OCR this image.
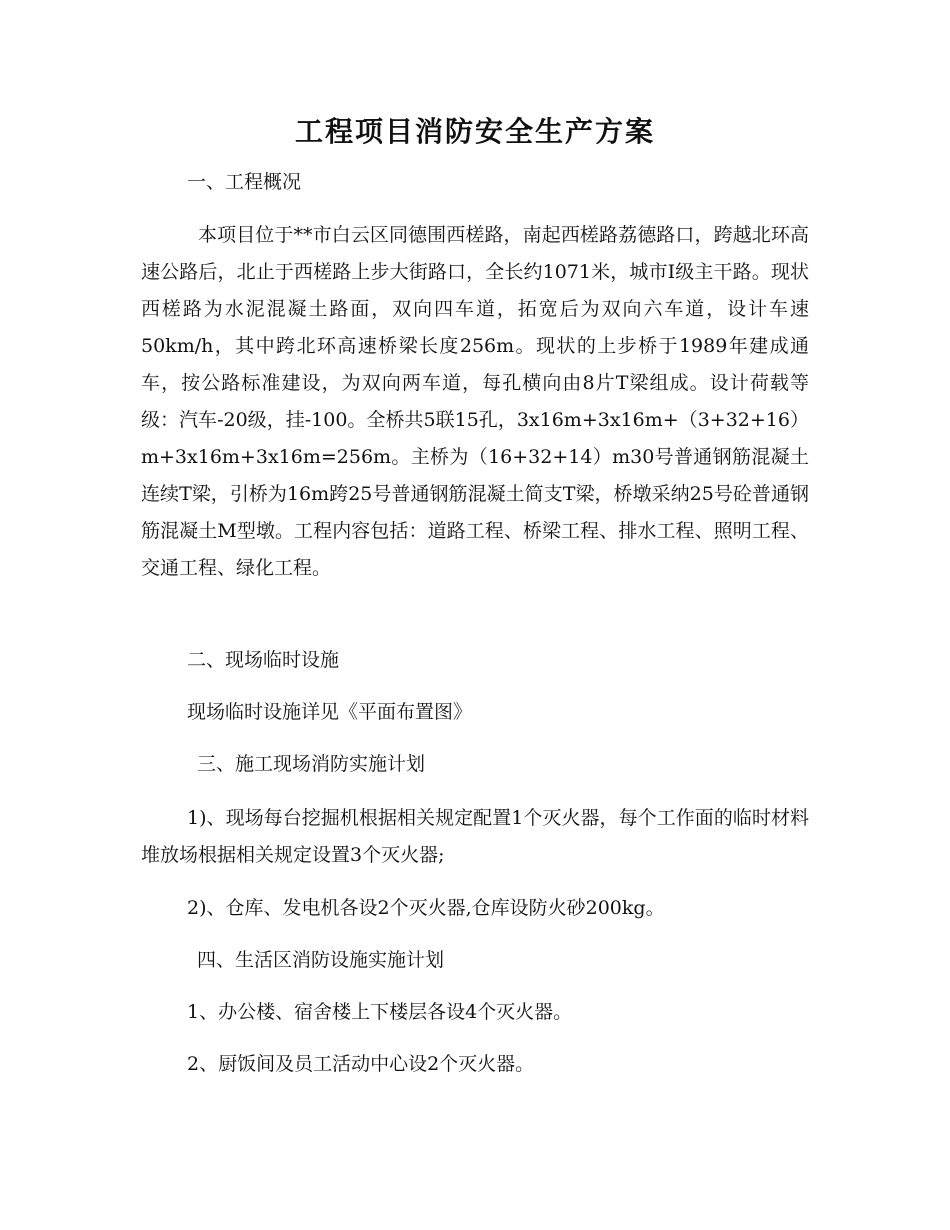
工程项目消防安全生产方案
一、工程概况
本项目位于**市白云区同德围西槎路，南起西槎路荔德路口，跨越北环高速公路后，北止于西槎路上步大街路口，全长约1071米，城市Ⅰ级主干路。现状西槎路为水泥混凝土路面，双向四车道，拓宽后为双向六车道，设计车速50km/h，其中跨北环高速桥梁长度256m。现状的上步桥于1989年建成通车，按公路标准建设，为双向两车道，每孔横向由8片T梁组成。设计荷载等级：汽车-20级，挂-100。全桥共5联15孔，3x16m+3x16m+（3+32+16）m+3x16m+3x16m=256m。主桥为（16+32+14）m30号普通钢筋混凝土连续T梁，引桥为16m跨25号普通钢筋混凝土简支T梁，桥墩采纳25号砼普通钢筋混凝土M型墩。工程内容包括：道路工程、桥梁工程、排水工程、照明工程、交通工程、绿化工程。
二、现场临时设施
现场临时设施详见《平面布置图》
三、施工现场消防实施计划
1)、现场每台挖掘机根据相关规定配置1个灭火器，每个工作面的临时材料堆放场根据相关规定设置3个灭火器;
2)、仓库、发电机各设2个灭火器,仓库设防火砂200kg。
四、生活区消防设施实施计划
1、办公楼、宿舍楼上下楼层各设4个灭火器。
2、厨饭间及员工活动中心设2个灭火器。
